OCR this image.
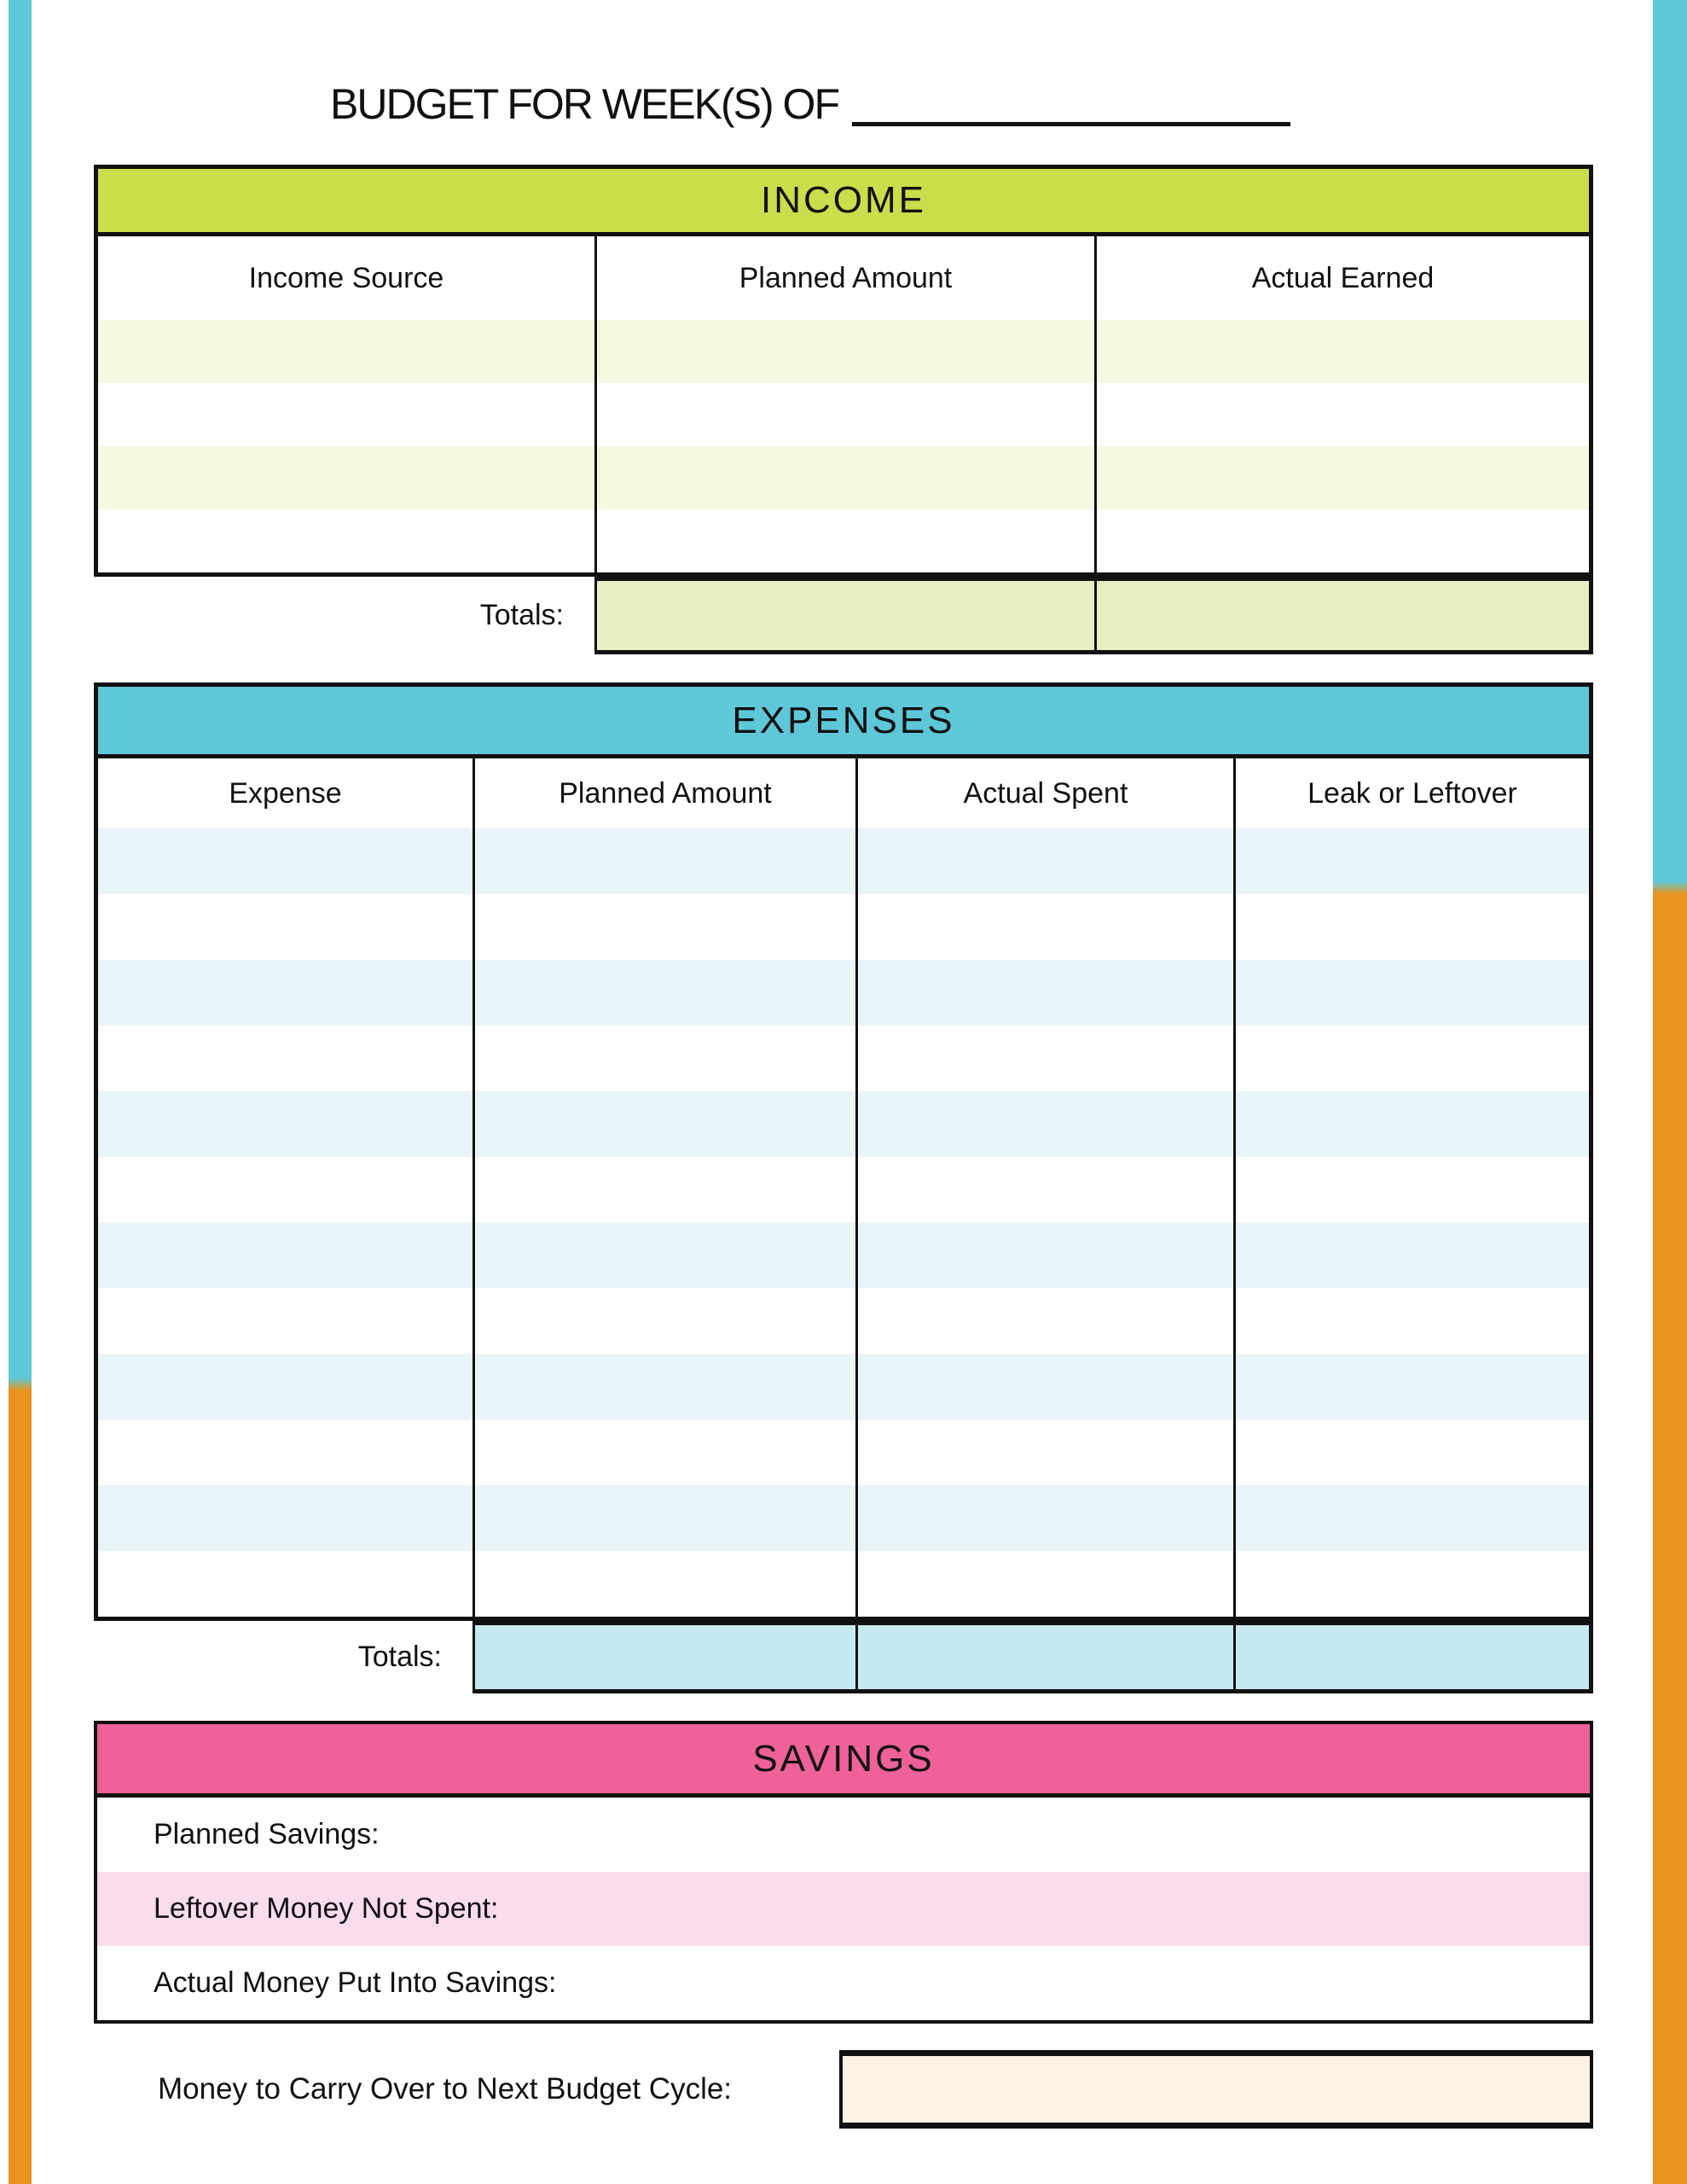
BUDGET FOR WEEK(S) OF
INCOME
Income Source	Planned Amount	Actual Earned
Totals:
EXPENSES
Expense	Planned Amount	Actual Spent	Leak or Leftover
Totals:
SAVINGS
Planned Savings:
Leftover Money Not Spent:
Actual Money Put Into Savings:
Money to Carry Over to Next Budget Cycle:
